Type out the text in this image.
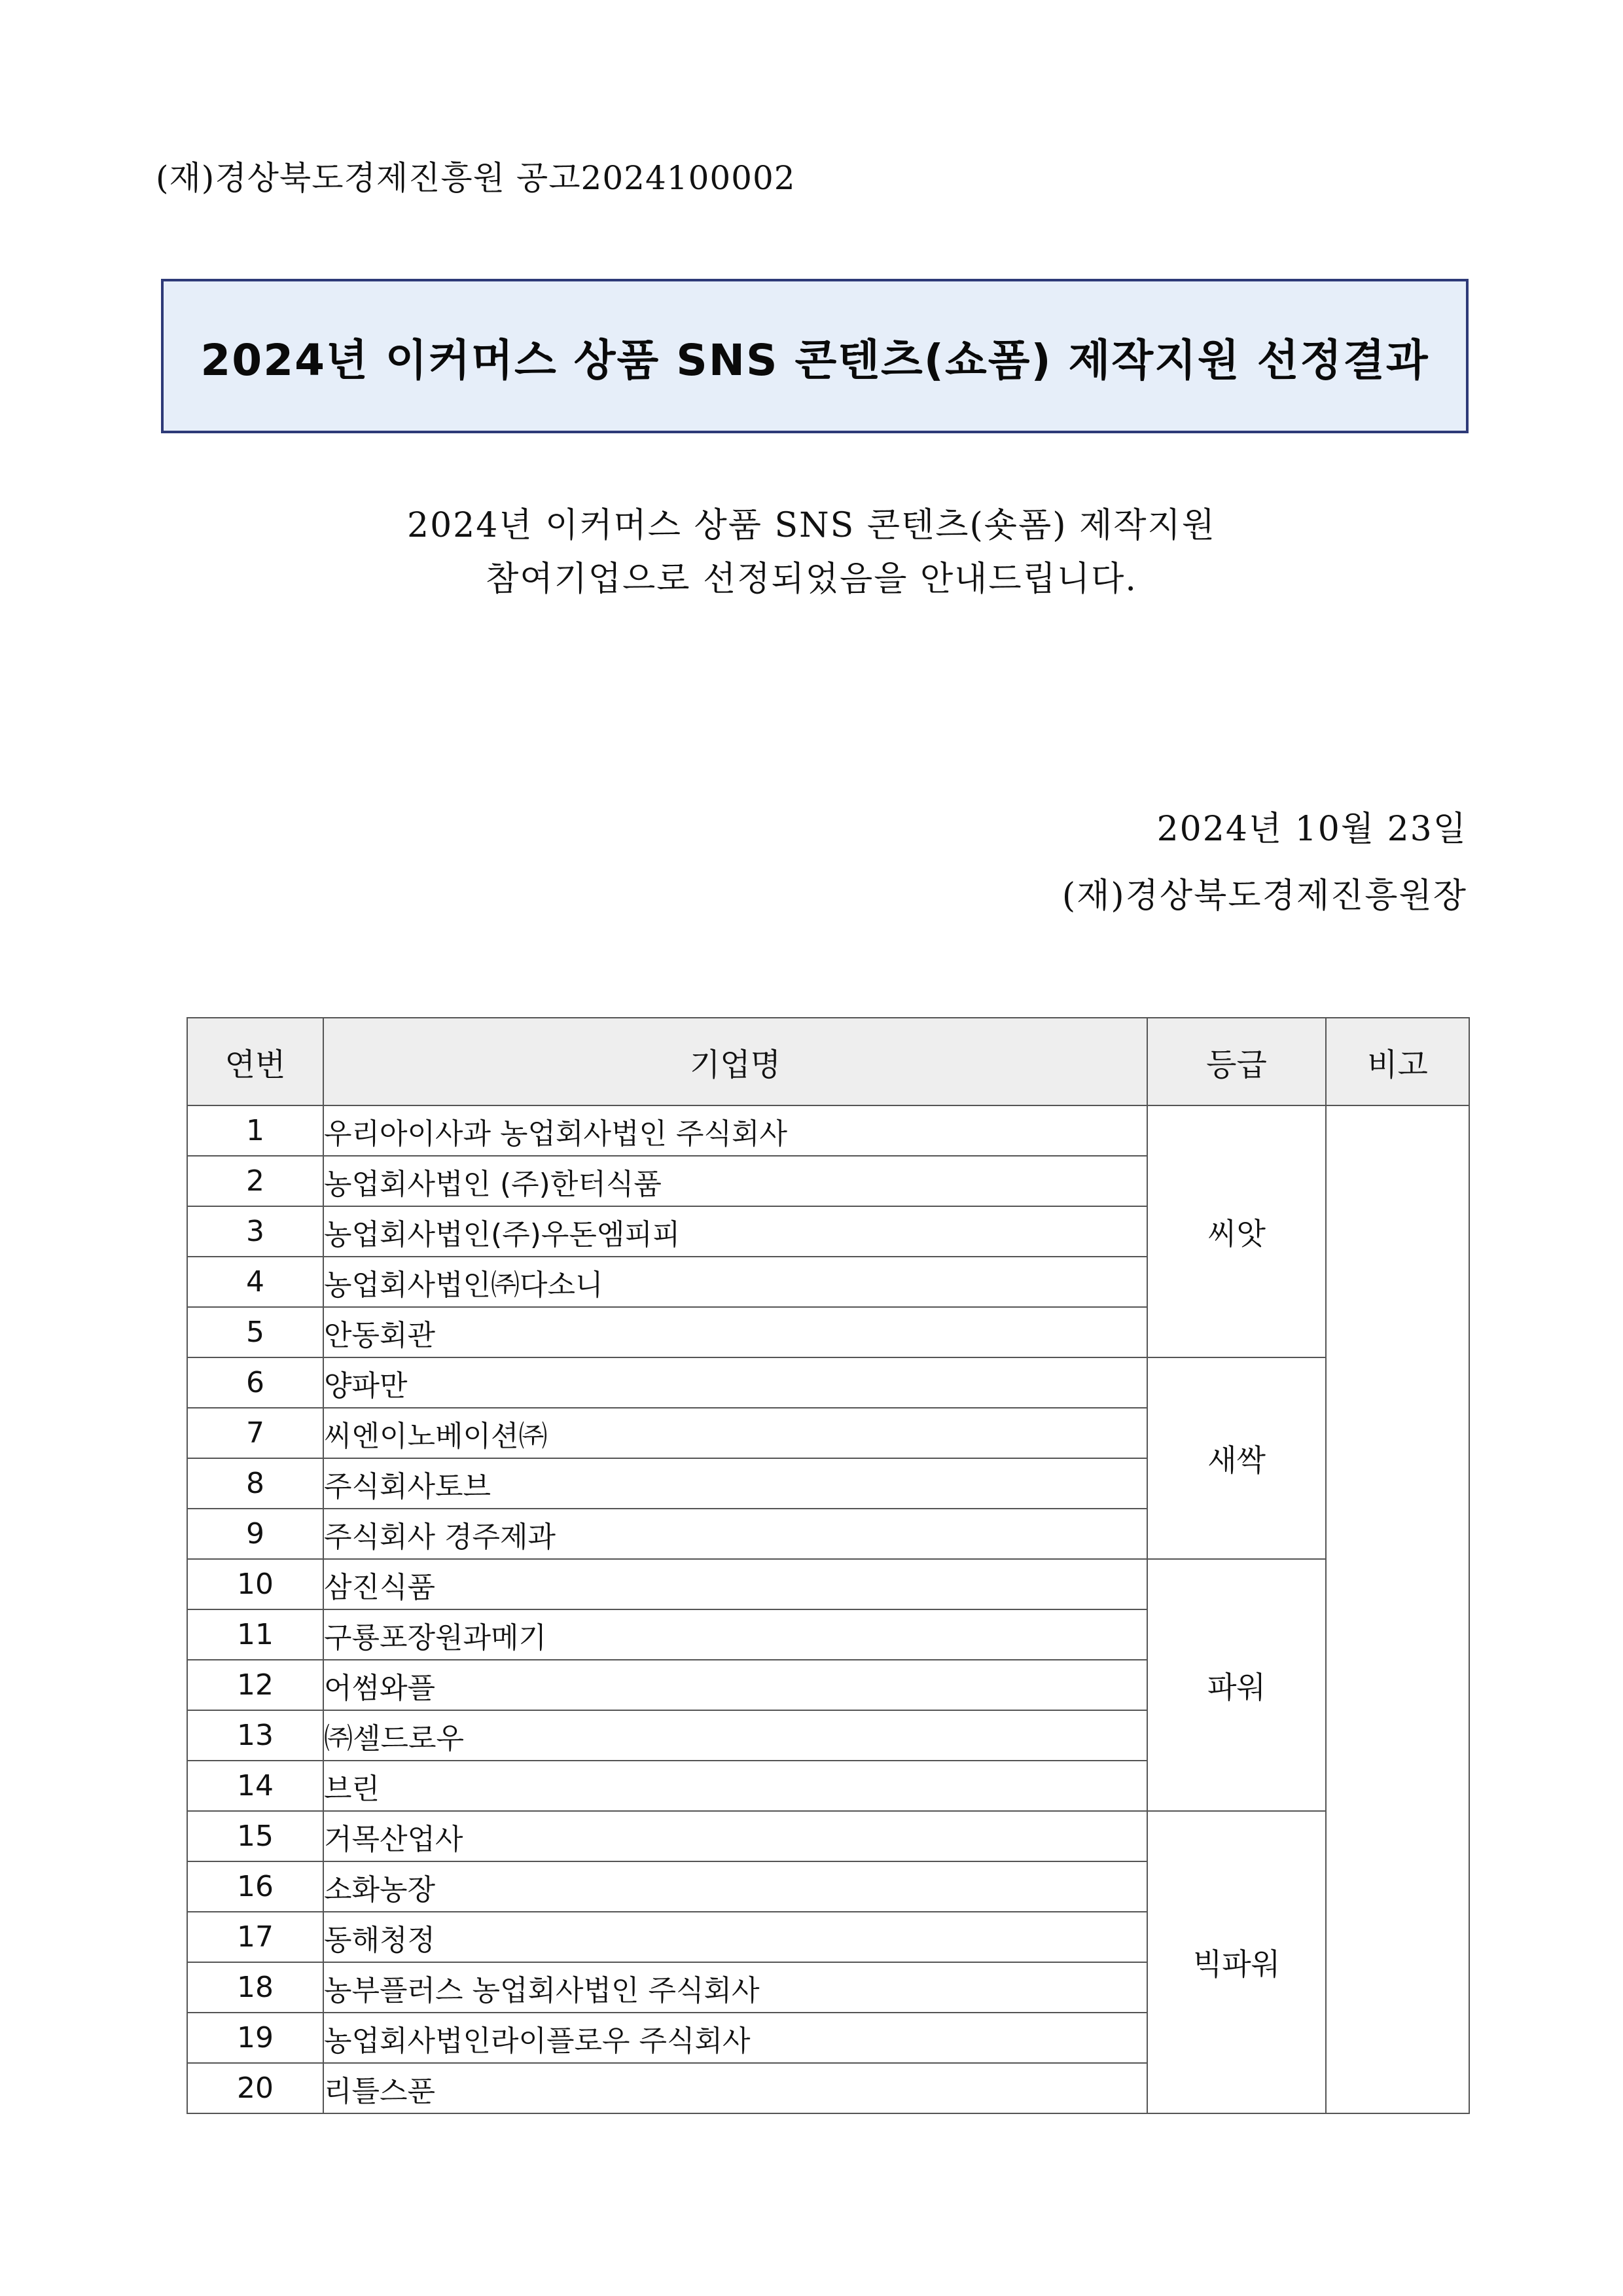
(재)경상북도경제진흥원 공고2024100002
2024년 이커머스 상품 SNS 콘텐츠(쇼폼) 제작지원 선정결과
2024년 이커머스 상품 SNS 콘텐츠(숏폼) 제작지원
참여기업으로 선정되었음을 안내드립니다.
2024년 10월 23일
(재)경상북도경제진흥원장
연번	기업명	등급	비고
1	우리아이사과 농업회사법인 주식회사	씨앗	
2	농업회사법인 (주)한터식품		
3	농업회사법인(주)우돈엠피피		
4	농업회사법인㈜다소니		
5	안동회관		
6	양파만	새싹	
7	씨엔이노베이션㈜		
8	주식회사토브		
9	주식회사 경주제과		
10	삼진식품	파워	
11	구룡포장원과메기		
12	어썸와플		
13	㈜셀드로우		
14	브린		
15	거목산업사	빅파워	
16	소화농장		
17	동해청정		
18	농부플러스 농업회사법인 주식회사		
19	농업회사법인라이플로우 주식회사		
20	리틀스푼		
